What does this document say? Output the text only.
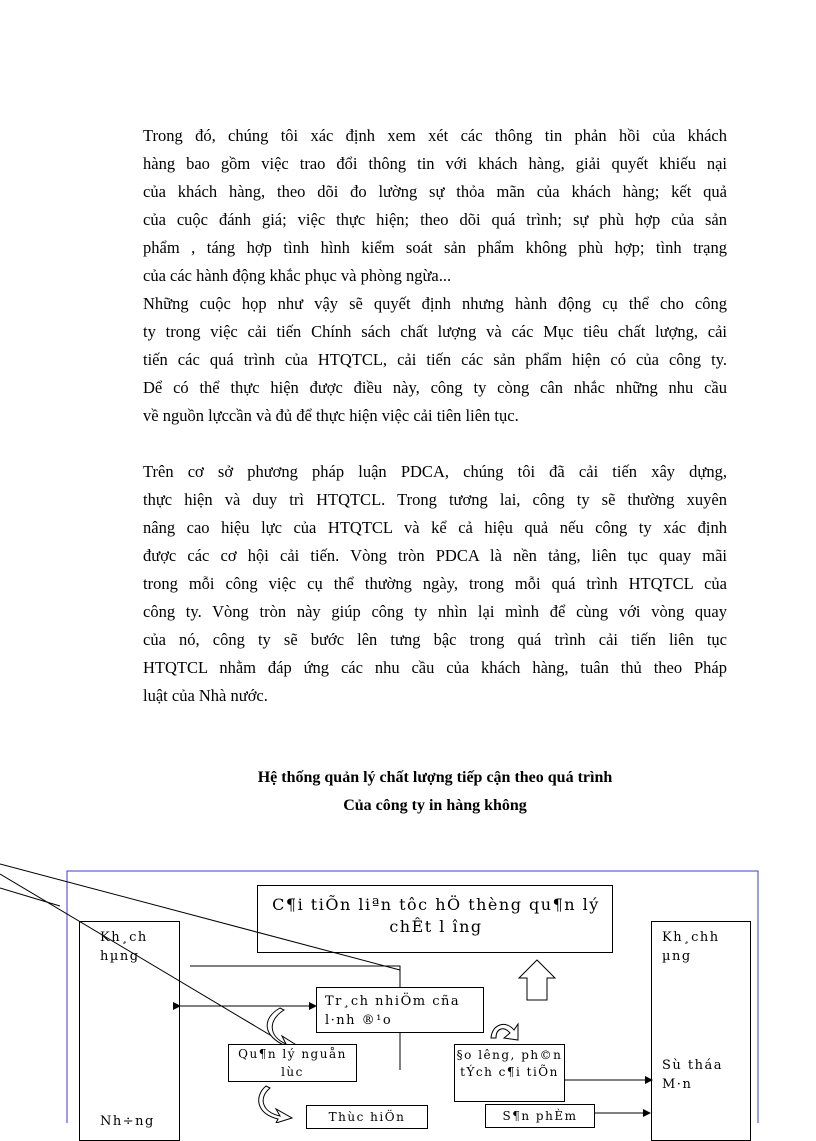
Trong đó, chúng tôi xác định xem xét các thông tin phản hồi của khách
hàng bao gồm việc trao đổi thông tin với khách hàng, giải quyết khiếu nại
của khách hàng, theo dõi đo lường sự thỏa mãn của khách hàng; kết quả
của cuộc đánh giá; việc thực hiện; theo dõi quá trình; sự phù hợp của sản
phẩm , táng hợp tình hình kiểm soát sản phẩm không phù hợp; tình trạng
của các hành động khắc phục và phòng ngừa...
Những cuộc họp như vậy sẽ quyết định nhưng hành động cụ thể cho công
ty trong việc cải tiến Chính sách chất lượng và các Mục tiêu chất lượng, cải
tiến các quá trình của HTQTCL, cải tiến các sản phẩm hiện có của công ty.
Dể có thể thực hiện được điều này, công ty còng cân nhắc những nhu cầu
về nguồn lựccần và đủ để thực hiện việc cải tiên liên tục.
Trên cơ sở phương pháp luận PDCA, chúng tôi đã cải tiến xây dựng,
thực hiện và duy trì HTQTCL. Trong tương lai, công ty sẽ thường xuyên
nâng cao hiệu lực của HTQTCL và kể cả hiệu quả nếu công ty xác định
được các cơ hội cải tiến. Vòng tròn PDCA là nền tảng, liên tục quay mãi
trong mỗi công việc cụ thể thường ngày, trong mỗi quá trình HTQTCL của
công ty. Vòng tròn này giúp công ty nhìn lại mình để cùng với vòng quay
của nó, công ty sẽ bước lên tưng bậc trong quá trình cải tiến liên tục
HTQTCL nhằm đáp ứng các nhu cầu của khách hàng, tuân thủ theo Pháp
luật của Nhà nước.

Hệ thống quản lý chất lượng tiếp cận theo quá trình

Của công ty in hàng không

C¶i tiÕn liªn tôc hÖ thèng qu¶n lý chÊt l îng
Kh¸ch hµng
Nh÷ng
Kh¸chh µng
Sù tháa M·n
Tr¸ch nhiÖm cña l·nh ®¹o
Qu¶n lý nguån lùc
§o lêng, ph©n tÝch c¶i tiÕn
Thùc hiÖn	S¶n phÈm
